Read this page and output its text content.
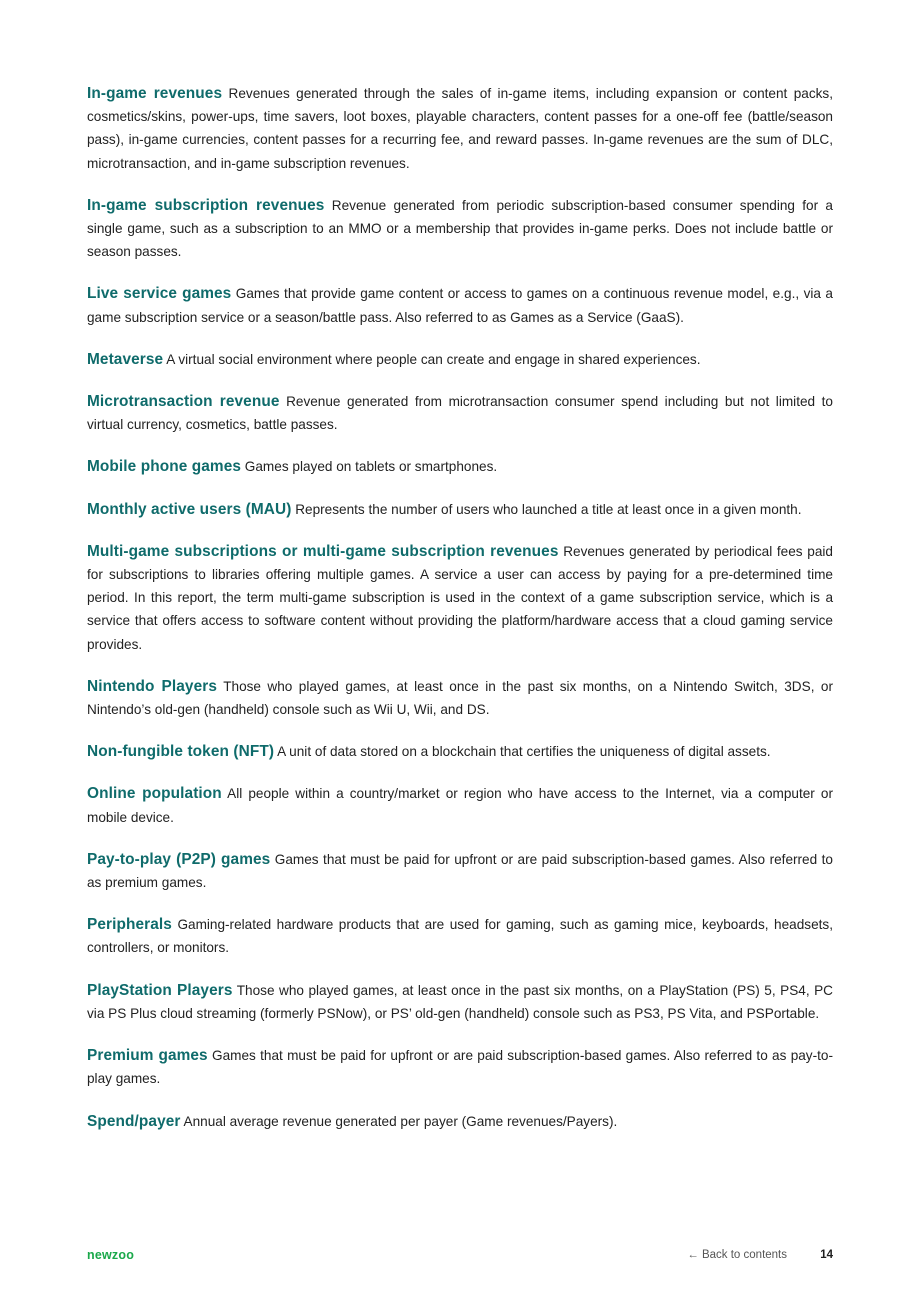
In-game revenues Revenues generated through the sales of in-game items, including expansion or content packs, cosmetics/skins, power-ups, time savers, loot boxes, playable characters, content passes for a one-off fee (battle/season pass), in-game currencies, content passes for a recurring fee, and reward passes. In-game revenues are the sum of DLC, microtransaction, and in-game subscription revenues.

In-game subscription revenues Revenue generated from periodic subscription-based consumer spending for a single game, such as a subscription to an MMO or a membership that provides in-game perks. Does not include battle or season passes.

Live service games Games that provide game content or access to games on a continuous revenue model, e.g., via a game subscription service or a season/battle pass. Also referred to as Games as a Service (GaaS).

Metaverse A virtual social environment where people can create and engage in shared experiences.

Microtransaction revenue Revenue generated from microtransaction consumer spend including but not limited to virtual currency, cosmetics, battle passes.

Mobile phone games Games played on tablets or smartphones.

Monthly active users (MAU) Represents the number of users who launched a title at least once in a given month.

Multi-game subscriptions or multi-game subscription revenues Revenues generated by periodical fees paid for subscriptions to libraries offering multiple games. A service a user can access by paying for a pre-determined time period. In this report, the term multi-game subscription is used in the context of a game subscription service, which is a service that offers access to software content without providing the platform/hardware access that a cloud gaming service provides.

Nintendo Players Those who played games, at least once in the past six months, on a Nintendo Switch, 3DS, or Nintendo’s old-gen (handheld) console such as Wii U, Wii, and DS.

Non-fungible token (NFT) A unit of data stored on a blockchain that certifies the uniqueness of digital assets.

Online population All people within a country/market or region who have access to the Internet, via a computer or mobile device.

Pay-to-play (P2P) games Games that must be paid for upfront or are paid subscription-based games. Also referred to as premium games.

Peripherals Gaming-related hardware products that are used for gaming, such as gaming mice, keyboards, headsets, controllers, or monitors.

PlayStation Players Those who played games, at least once in the past six months, on a PlayStation (PS) 5, PS4, PC via PS Plus cloud streaming (formerly PSNow), or PS’ old-gen (handheld) console such as PS3, PS Vita, and PSPortable.

Premium games Games that must be paid for upfront or are paid subscription-based games. Also referred to as pay-to-play games.

Spend/payer Annual average revenue generated per payer (Game revenues/Payers).

newzoo	← Back to contents	14
